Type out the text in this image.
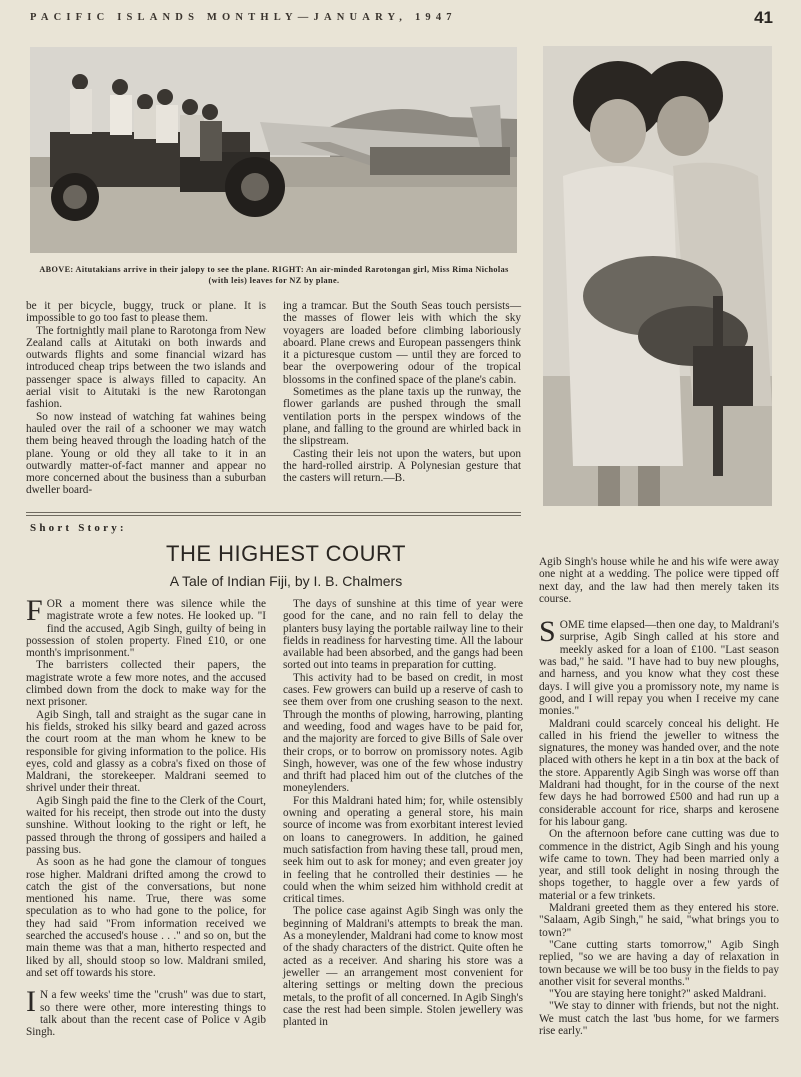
PACIFIC ISLANDS MONTHLY—JANUARY, 1947	41
ABOVE: Aitutakians arrive in their jalopy to see the plane. RIGHT: An air-minded Rarotongan girl, Miss Rima Nicholas (with leis) leaves for NZ by plane.

be it per bicycle, buggy, truck or plane. It is impossible to go too fast to please them.

The fortnightly mail plane to Rarotonga from New Zealand calls at Aitutaki on both inwards and outwards flights and some financial wizard has introduced cheap trips between the two islands and passenger space is always filled to capacity. An aerial visit to Aitutaki is the new Rarotongan fashion.

So now instead of watching fat wahines being hauled over the rail of a schooner we may watch them being heaved through the loading hatch of the plane. Young or old they all take to it in an outwardly matter-of-fact manner and appear no more concerned about the business than a suburban dweller board-

ing a tramcar. But the South Seas touch persists—the masses of flower leis with which the sky voyagers are loaded before climbing laboriously aboard. Plane crews and European passengers think it a picturesque custom — until they are forced to bear the overpowering odour of the tropical blossoms in the confined space of the plane's cabin.

Sometimes as the plane taxis up the runway, the flower garlands are pushed through the small ventilation ports in the perspex windows of the plane, and falling to the ground are whirled back in the slipstream.

Casting their leis not upon the waters, but upon the hard-rolled airstrip. A Polynesian gesture that the casters will return.—B.

Short Story:
THE HIGHEST COURT
A Tale of Indian Fiji, by I. B. Chalmers

FOR a moment there was silence while the magistrate wrote a few notes. He looked up. "I find the accused, Agib Singh, guilty of being in possession of stolen property. Fined £10, or one month's imprisonment."

The barristers collected their papers, the magistrate wrote a few more notes, and the accused climbed down from the dock to make way for the next prisoner.

Agib Singh, tall and straight as the sugar cane in his fields, stroked his silky beard and gazed across the court room at the man whom he knew to be responsible for giving information to the police. His eyes, cold and glassy as a cobra's fixed on those of Maldrani, the storekeeper. Maldrani seemed to shrivel under their threat.

Agib Singh paid the fine to the Clerk of the Court, waited for his receipt, then strode out into the dusty sunshine. Without looking to the right or left, he passed through the throng of gossipers and hailed a passing bus.

As soon as he had gone the clamour of tongues rose higher. Maldrani drifted among the crowd to catch the gist of the conversations, but none mentioned his name. True, there was some speculation as to who had gone to the police, for they had said "From information received we searched the accused's house . . ." and so on, but the main theme was that a man, hitherto respected and liked by all, should stoop so low. Maldrani smiled, and set off towards his store.

I N a few weeks' time the "crush" was due to start, so there were other, more interesting things to talk about than the recent case of Police v Agib Singh.

The days of sunshine at this time of year were good for the cane, and no rain fell to delay the planters busy laying the portable railway line to their fields in readiness for harvesting time. All the labour available had been absorbed, and the gangs had been sorted out into teams in preparation for cutting.

This activity had to be based on credit, in most cases. Few growers can build up a reserve of cash to see them over from one crushing season to the next. Through the months of plowing, harrowing, planting and weeding, food and wages have to be paid for, and the majority are forced to give Bills of Sale over their crops, or to borrow on promissory notes. Agib Singh, however, was one of the few whose industry and thrift had placed him out of the clutches of the moneylenders.

For this Maldrani hated him; for, while ostensibly owning and operating a general store, his main source of income was from exorbitant interest levied on loans to canegrowers. In addition, he gained much satisfaction from having these tall, proud men, seek him out to ask for money; and even greater joy in feeling that he controlled their destinies — he could when the whim seized him withhold credit at critical times.

The police case against Agib Singh was only the beginning of Maldrani's attempts to break the man. As a moneylender, Maldrani had come to know most of the shady characters of the district. Quite often he acted as a receiver. And sharing his store was a jeweller — an arrangement most convenient for altering settings or melting down the precious metals, to the profit of all concerned. In Agib Singh's case the rest had been simple. Stolen jewellery was planted in

Agib Singh's house while he and his wife were away one night at a wedding. The police were tipped off next day, and the law had then merely taken its course.

SOME time elapsed—then one day, to Maldrani's surprise, Agib Singh called at his store and meekly asked for a loan of £100. "Last season was bad," he said. "I have had to buy new ploughs, and harness, and you know what they cost these days. I will give you a promissory note, my name is good, and I will repay you when I receive my cane monies."

Maldrani could scarcely conceal his delight. He called in his friend the jeweller to witness the signatures, the money was handed over, and the note placed with others he kept in a tin box at the back of the store. Apparently Agib Singh was worse off than Maldrani had thought, for in the course of the next few days he had borrowed £500 and had run up a considerable account for rice, sharps and kerosene for his labour gang.

On the afternoon before cane cutting was due to commence in the district, Agib Singh and his young wife came to town. They had been married only a year, and still took delight in nosing through the shops together, to haggle over a few yards of material or a few trinkets.

Maldrani greeted them as they entered his store. "Salaam, Agib Singh," he said, "what brings you to town?"

"Cane cutting starts tomorrow," Agib Singh replied, "so we are having a day of relaxation in town because we will be too busy in the fields to pay another visit for several months."

"You are staying here tonight?" asked Maldrani.

"We stay to dinner with friends, but not the night. We must catch the last 'bus home, for we farmers rise early."
